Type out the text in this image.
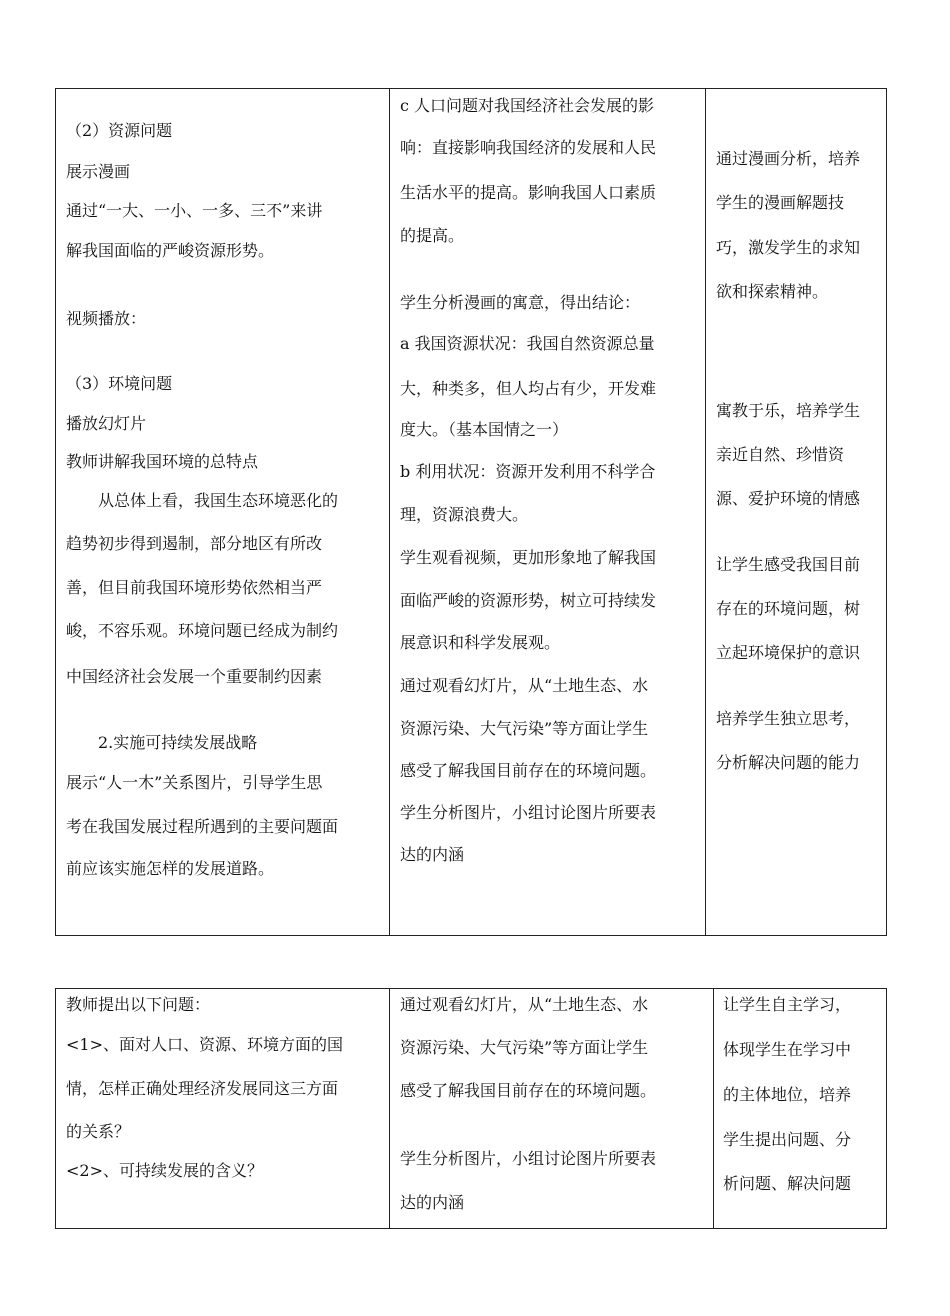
（2）资源问题
展示漫画
通过“一大、一小、一多、三不”来讲
解我国面临的严峻资源形势。
视频播放：
（3）环境问题
播放幻灯片
教师讲解我国环境的总特点
从总体上看，我国生态环境恶化的
趋势初步得到遏制，部分地区有所改
善，但目前我国环境形势依然相当严
峻，不容乐观。环境问题已经成为制约
中国经济社会发展一个重要制约因素
2.实施可持续发展战略
展示“人一木”关系图片，引导学生思
考在我国发展过程所遇到的主要问题面
前应该实施怎样的发展道路。
c 人口问题对我国经济社会发展的影
响：直接影响我国经济的发展和人民
生活水平的提高。影响我国人口素质
的提高。
学生分析漫画的寓意，得出结论：
a 我国资源状况：我国自然资源总量
大，种类多，但人均占有少，开发难
度大。（基本国情之一）
b 利用状况：资源开发利用不科学合
理，资源浪费大。
学生观看视频，更加形象地了解我国
面临严峻的资源形势，树立可持续发
展意识和科学发展观。
通过观看幻灯片，从“土地生态、水
资源污染、大气污染”等方面让学生
感受了解我国目前存在的环境问题。
学生分析图片，小组讨论图片所要表
达的内涵
通过漫画分析，培养
学生的漫画解题技
巧，激发学生的求知
欲和探索精神。
寓教于乐，培养学生
亲近自然、珍惜资
源、爱护环境的情感
让学生感受我国目前
存在的环境问题，树
立起环境保护的意识
培养学生独立思考，
分析解决问题的能力
教师提出以下问题：
<1>、面对人口、资源、环境方面的国
情，怎样正确处理经济发展同这三方面
的关系？
<2>、可持续发展的含义？
通过观看幻灯片，从“土地生态、水
资源污染、大气污染”等方面让学生
感受了解我国目前存在的环境问题。
学生分析图片，小组讨论图片所要表
达的内涵
让学生自主学习，
体现学生在学习中
的主体地位，培养
学生提出问题、分
析问题、解决问题
